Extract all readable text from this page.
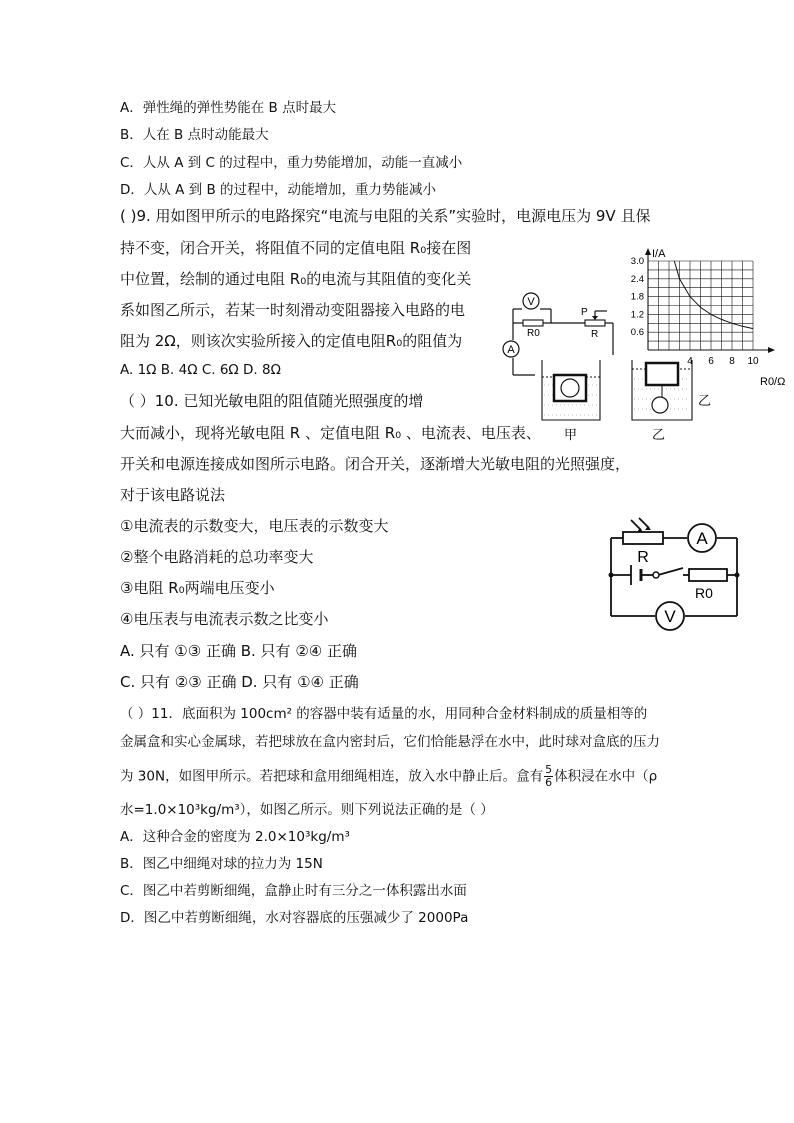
A．弹性绳的弹性势能在 B 点时最大
B．人在 B 点时动能最大
C．人从 A 到 C 的过程中，重力势能增加，动能一直减小
D．人从 A 到 B 的过程中，动能增加，重力势能减小
( )9. 用如图甲所示的电路探究“电流与电阻的关系”实验时，电源电压为 9V 且保
持不变，闭合开关，将阻值不同的定值电阻 R₀接在图
中位置，绘制的通过电阻 R₀的电流与其阻值的变化关
系如图乙所示，若某一时刻滑动变阻器接入电路的电
阻为 2Ω，则该次实验所接入的定值电阻R₀的阻值为
A. 1Ω B. 4Ω C. 6Ω D. 8Ω
V
R0
P
R
A
I/A
R0/Ω
0.6
1.2
1.8
2.4
3.0
4 6 8 10
乙
甲	乙
（ ）10. 已知光敏电阻的阻值随光照强度的增
大而减小，现将光敏电阻 R 、定值电阻 R₀ 、电流表、电压表、
开关和电源连接成如图所示电路。闭合开关，逐渐增大光敏电阻的光照强度，
对于该电路说法
①电流表的示数变大，电压表的示数变大
②整个电路消耗的总功率变大
③电阻 R₀两端电压变小
④电压表与电流表示数之比变小
A. 只有 ①③ 正确 B. 只有 ②④ 正确
C. 只有 ②③ 正确 D. 只有 ①④ 正确
R
A
R0
V
（ ）11．底面积为 100cm² 的容器中装有适量的水，用同种合金材料制成的质量相等的
金属盒和实心金属球，若把球放在盒内密封后，它们恰能悬浮在水中，此时球对盒底的压力
为 30N，如图甲所示。若把球和盒用细绳相连，放入水中静止后。盒有 $\frac{5}{6}$ 体积浸在水中（ρ
水=1.0×10³kg/m³），如图乙所示。则下列说法正确的是（ ）
A．这种合金的密度为 2.0×10³kg/m³
B．图乙中细绳对球的拉力为 15N
C．图乙中若剪断细绳，盒静止时有三分之一体积露出水面
D．图乙中若剪断细绳，水对容器底的压强减少了 2000Pa
